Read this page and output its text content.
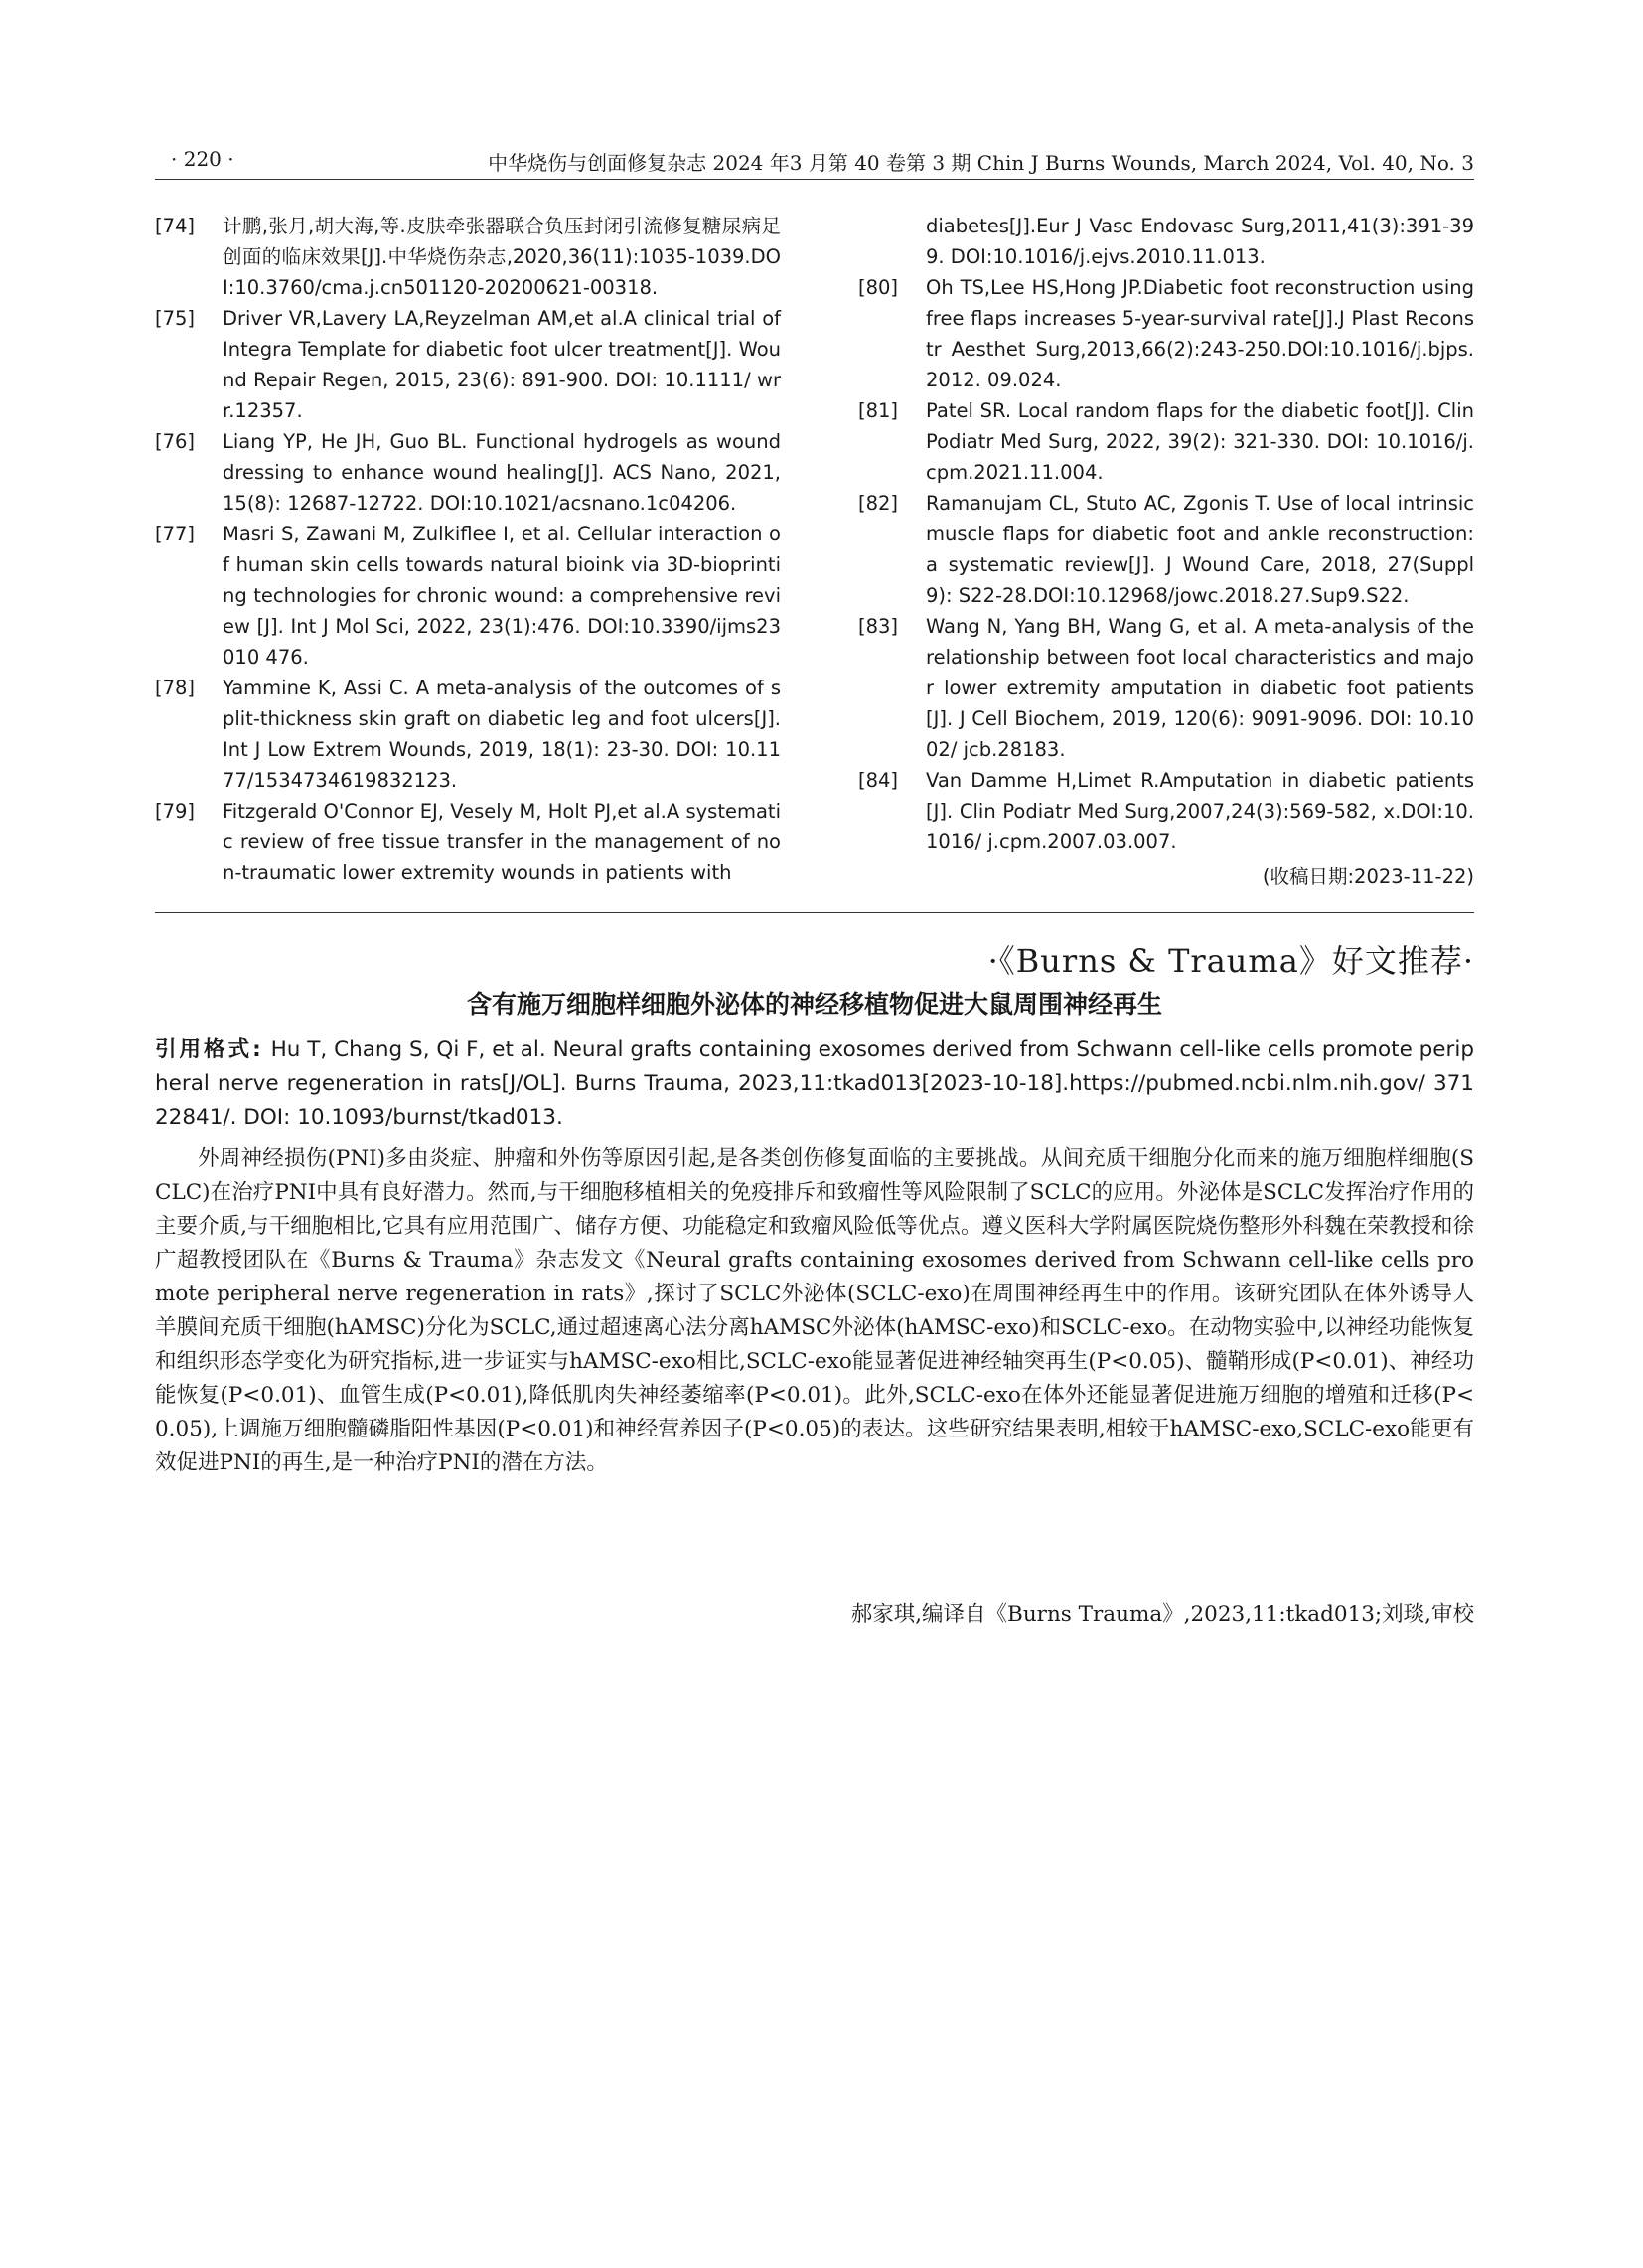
· 220 ·	中华烧伤与创面修复杂志 2024 年3 月第 40 卷第 3 期 Chin J Burns Wounds, March 2024, Vol. 40, No. 3
[74]	计鹏,张月,胡大海,等.皮肤牵张器联合负压封闭引流修复糖尿病足创面的临床效果[J].中华烧伤杂志,2020,36(11):1035-1039.DOI:10.3760/cma.j.cn501120-20200621-00318.
[75]	Driver VR,Lavery LA,Reyzelman AM,et al.A clinical trial of Integra Template for diabetic foot ulcer treatment[J]. Wound Repair Regen, 2015, 23(6): 891-900. DOI: 10.1111/ wrr.12357.
[76]	Liang YP, He JH, Guo BL. Functional hydrogels as wound dressing to enhance wound healing[J]. ACS Nano, 2021, 15(8): 12687-12722. DOI:10.1021/acsnano.1c04206.
[77]	Masri S, Zawani M, Zulkiflee I, et al. Cellular interaction of human skin cells towards natural bioink via 3D-bioprinting technologies for chronic wound: a comprehensive review [J]. Int J Mol Sci, 2022, 23(1):476. DOI:10.3390/ijms23010 476.
[78]	Yammine K, Assi C. A meta-analysis of the outcomes of split-thickness skin graft on diabetic leg and foot ulcers[J]. Int J Low Extrem Wounds, 2019, 18(1): 23-30. DOI: 10.1177/1534734619832123.
[79]	Fitzgerald O'Connor EJ, Vesely M, Holt PJ,et al.A systematic review of free tissue transfer in the management of non-traumatic lower extremity wounds in patients with
diabetes[J].Eur J Vasc Endovasc Surg,2011,41(3):391-399. DOI:10.1016/j.ejvs.2010.11.013.
[80]	Oh TS,Lee HS,Hong JP.Diabetic foot reconstruction using free flaps increases 5-year-survival rate[J].J Plast Reconstr Aesthet Surg,2013,66(2):243-250.DOI:10.1016/j.bjps.2012. 09.024.
[81]	Patel SR. Local random flaps for the diabetic foot[J]. Clin Podiatr Med Surg, 2022, 39(2): 321-330. DOI: 10.1016/j. cpm.2021.11.004.
[82]	Ramanujam CL, Stuto AC, Zgonis T. Use of local intrinsic muscle flaps for diabetic foot and ankle reconstruction: a systematic review[J]. J Wound Care, 2018, 27(Suppl 9): S22-28.DOI:10.12968/jowc.2018.27.Sup9.S22.
[83]	Wang N, Yang BH, Wang G, et al. A meta-analysis of the relationship between foot local characteristics and major lower extremity amputation in diabetic foot patients[J]. J Cell Biochem, 2019, 120(6): 9091-9096. DOI: 10.1002/ jcb.28183.
[84]	Van Damme H,Limet R.Amputation in diabetic patients[J]. Clin Podiatr Med Surg,2007,24(3):569-582, x.DOI:10.1016/ j.cpm.2007.03.007.
(收稿日期:2023-11-22)
·《Burns & Trauma》好文推荐·
含有施万细胞样细胞外泌体的神经移植物促进大鼠周围神经再生
引用格式: Hu T, Chang S, Qi F, et al. Neural grafts containing exosomes derived from Schwann cell-like cells promote peripheral nerve regeneration in rats[J/OL]. Burns Trauma, 2023,11:tkad013[2023-10-18].https://pubmed.ncbi.nlm.nih.gov/ 37122841/. DOI: 10.1093/burnst/tkad013.
外周神经损伤(PNI)多由炎症、肿瘤和外伤等原因引起,是各类创伤修复面临的主要挑战。从间充质干细胞分化而来的施万细胞样细胞(SCLC)在治疗PNI中具有良好潜力。然而,与干细胞移植相关的免疫排斥和致瘤性等风险限制了SCLC的应用。外泌体是SCLC发挥治疗作用的主要介质,与干细胞相比,它具有应用范围广、储存方便、功能稳定和致瘤风险低等优点。遵义医科大学附属医院烧伤整形外科魏在荣教授和徐广超教授团队在《Burns & Trauma》杂志发文《Neural grafts containing exosomes derived from Schwann cell-like cells promote peripheral nerve regeneration in rats》,探讨了SCLC外泌体(SCLC-exo)在周围神经再生中的作用。该研究团队在体外诱导人羊膜间充质干细胞(hAMSC)分化为SCLC,通过超速离心法分离hAMSC外泌体(hAMSC-exo)和SCLC-exo。在动物实验中,以神经功能恢复和组织形态学变化为研究指标,进一步证实与hAMSC-exo相比,SCLC-exo能显著促进神经轴突再生(P<0.05)、髓鞘形成(P<0.01)、神经功能恢复(P<0.01)、血管生成(P<0.01),降低肌肉失神经萎缩率(P<0.01)。此外,SCLC-exo在体外还能显著促进施万细胞的增殖和迁移(P<0.05),上调施万细胞髓磷脂阳性基因(P<0.01)和神经营养因子(P<0.05)的表达。这些研究结果表明,相较于hAMSC-exo,SCLC-exo能更有效促进PNI的再生,是一种治疗PNI的潜在方法。
郝家琪,编译自《Burns Trauma》,2023,11:tkad013;刘琰,审校
